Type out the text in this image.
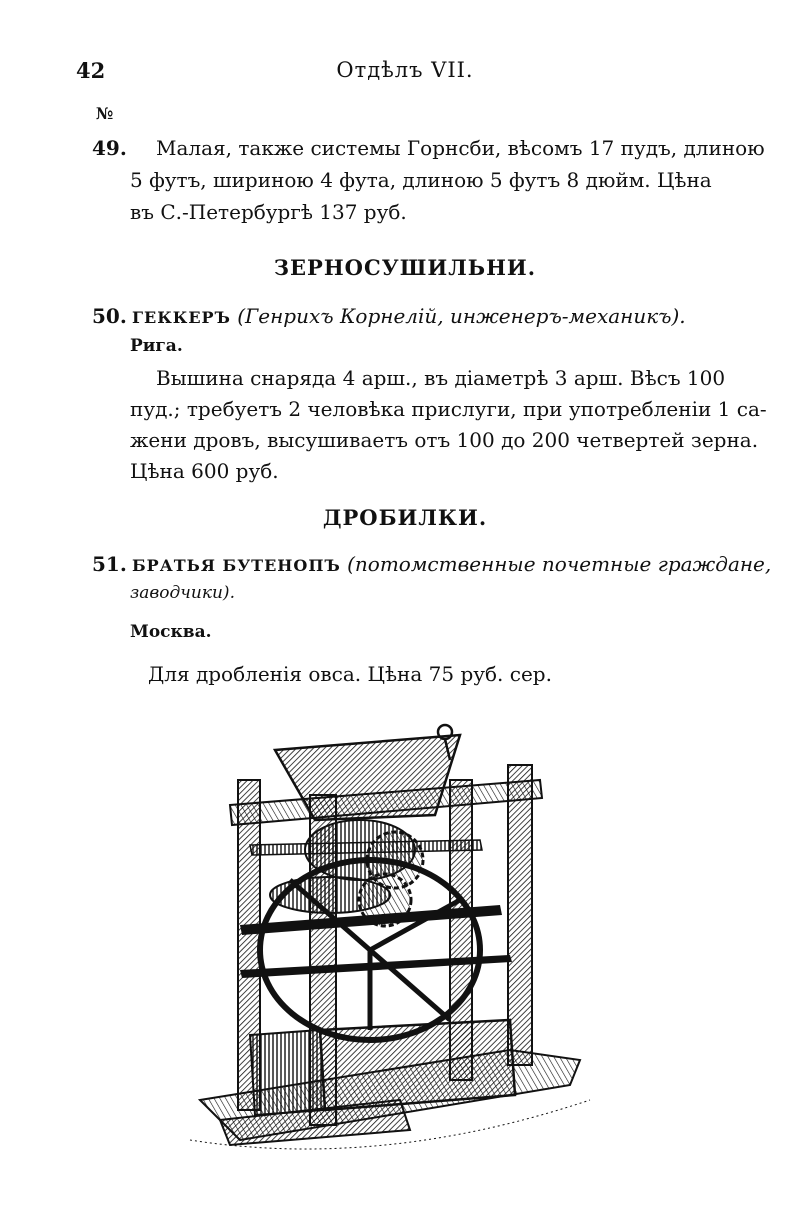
42	Отдѣлъ VII.
№
49. Малая, также системы Горнсби, вѣсомъ 17 пудъ, длиною
5 футъ, шириною 4 фута, длиною 5 футъ 8 дюйм. Цѣна
въ С.-Петербургѣ 137 руб.
ЗЕРНОСУШИЛЬНИ.
50. ГЕККЕРЪ (Генрихъ Корнелій, инженеръ-механикъ).
Рига.
Вышина снаряда 4 арш., въ діаметрѣ 3 арш. Вѣсъ 100
пуд.; требуетъ 2 человѣка прислуги, при употребленіи 1 са-
жени дровъ, высушиваетъ отъ 100 до 200 четвертей зерна.
Цѣна 600 руб.
ДРОБИЛКИ.
51. БРАТЬЯ БУТЕНОПЪ (потомственные почетные граждане,
заводчики).
Москва.
Для дробленія овса. Цѣна 75 руб. сер.
